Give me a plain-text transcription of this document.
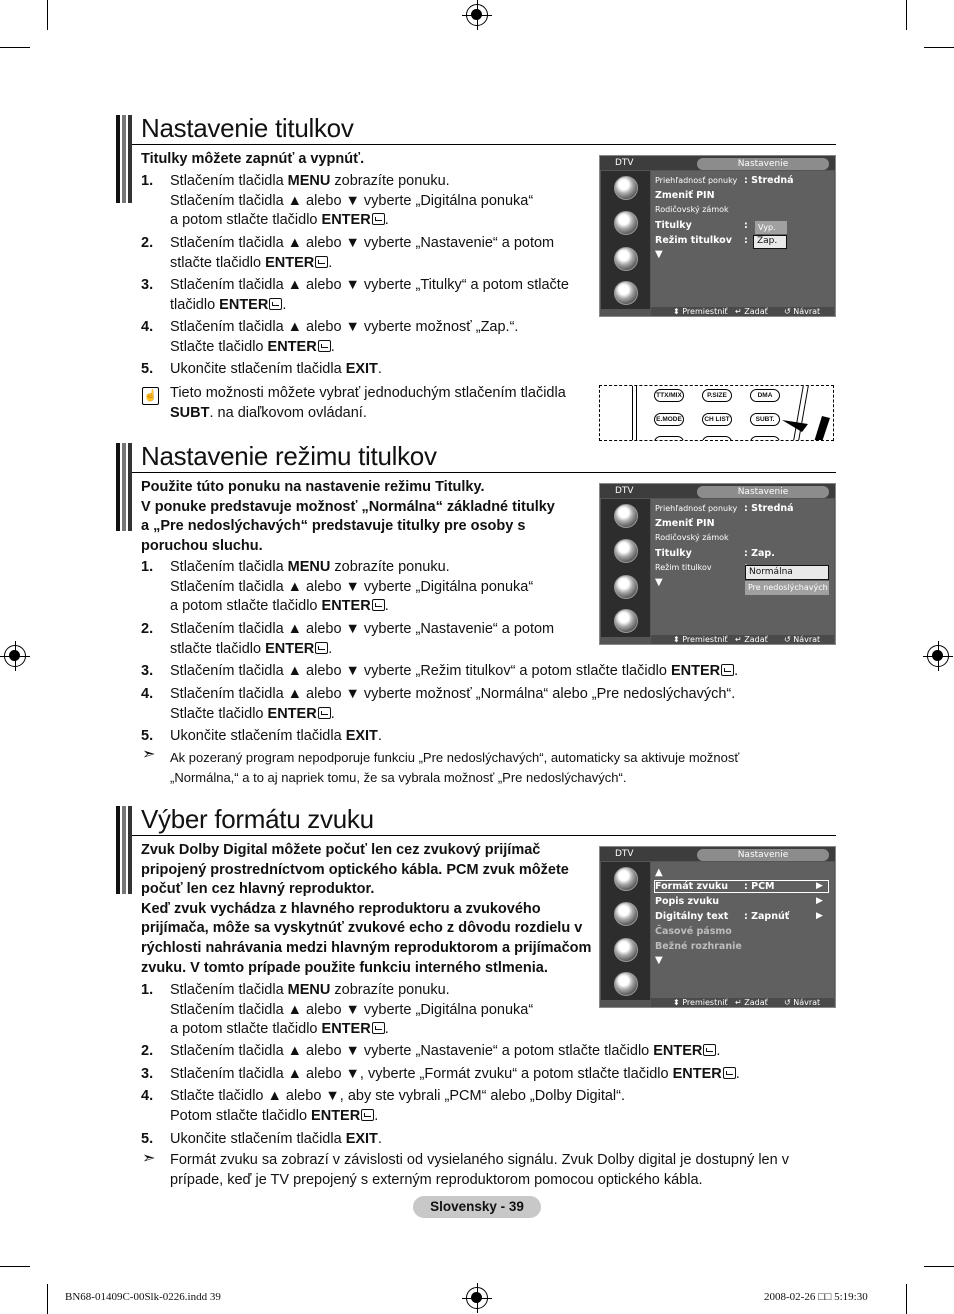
Nastavenie titulkov
Titulky môžete zapnúť a vypnúť.
1. Stlačením tlačidla MENU zobrazíte ponuku.
Stlačením tlačidla ▲ alebo ▼ vyberte „Digitálna ponuka“
a potom stlačte tlačidlo ENTER .
2. Stlačením tlačidla ▲ alebo ▼ vyberte „Nastavenie“ a potom
stlačte tlačidlo ENTER .
3. Stlačením tlačidla ▲ alebo ▼ vyberte „Titulky“ a potom stlačte
tlačidlo ENTER .
4. Stlačením tlačidla ▲ alebo ▼ vyberte možnosť „Zap.“.
Stlačte tlačidlo ENTER .
5. Ukončite stlačením tlačidla EXIT.
☝ Tieto možnosti môžete vybrať jednoduchým stlačením tlačidla
SUBT. na diaľkovom ovládaní.
DTV	Nastavenie
Priehľadnosť ponuky : Stredná
Zmeniť PIN
Rodičovský zámok
Titulky	:
Režim titulkov :
Vyp.
Zap.
▼
⬍ Premiestniť ↵ Zadať ↺ Návrat
TTX/MIX	P.SIZE	DMA
E.MODE	CH LIST	SUBT.
Nastavenie režimu titulkov
Použite túto ponuku na nastavenie režimu Titulky.
V ponuke predstavuje možnosť „Normálna“ základné titulky
a „Pre nedoslýchavých“ predstavuje titulky pre osoby s
poruchou sluchu.
1. Stlačením tlačidla MENU zobrazíte ponuku.
Stlačením tlačidla ▲ alebo ▼ vyberte „Digitálna ponuka“
a potom stlačte tlačidlo ENTER .
2. Stlačením tlačidla ▲ alebo ▼ vyberte „Nastavenie“ a potom
stlačte tlačidlo ENTER .
3. Stlačením tlačidla ▲ alebo ▼ vyberte „Režim titulkov“ a potom stlačte tlačidlo ENTER .
4. Stlačením tlačidla ▲ alebo ▼ vyberte možnosť „Normálna“ alebo „Pre nedoslýchavých“.
Stlačte tlačidlo ENTER .
5. Ukončite stlačením tlačidla EXIT.
➣ Ak pozeraný program nepodporuje funkciu „Pre nedoslýchavých“, automaticky sa aktivuje možnosť
„Normálna,“ a to aj napriek tomu, že sa vybrala možnosť „Pre nedoslýchavých“.
DTV	Nastavenie
Priehľadnosť ponuky : Stredná
Zmeniť PIN
Rodičovský zámok
Titulky	: Zap.
Režim titulkov	Normálna
Pre nedoslýchavých
▼
⬍ Premiestniť ↵ Zadať ↺ Návrat
Výber formátu zvuku
Zvuk Dolby Digital môžete počuť len cez zvukový prijímač
pripojený prostredníctvom optického kábla. PCM zvuk môžete
počuť len cez hlavný reproduktor.
Keď zvuk vychádza z hlavného reproduktoru a zvukového
prijímača, môže sa vyskytnúť zvukové echo z dôvodu rozdielu v
rýchlosti nahrávania medzi hlavným reproduktorom a prijímačom
zvuku. V tomto prípade použite funkciu interného stlmenia.
1. Stlačením tlačidla MENU zobrazíte ponuku.
Stlačením tlačidla ▲ alebo ▼ vyberte „Digitálna ponuka“
a potom stlačte tlačidlo ENTER .
2. Stlačením tlačidla ▲ alebo ▼ vyberte „Nastavenie“ a potom stlačte tlačidlo ENTER .
3. Stlačením tlačidla ▲ alebo ▼, vyberte „Formát zvuku“ a potom stlačte tlačidlo ENTER .
4. Stlačte tlačidlo ▲ alebo ▼, aby ste vybrali „PCM“ alebo „Dolby Digital“.
Potom stlačte tlačidlo ENTER .
5. Ukončite stlačením tlačidla EXIT.
➣ Formát zvuku sa zobrazí v závislosti od vysielaného signálu. Zvuk Dolby digital je dostupný len v
prípade, keď je TV prepojený s externým reproduktorom pomocou optického kábla.
DTV	Nastavenie
▲
Formát zvuku : PCM	▶
Popis zvuku	▶
Digitálny text : Zapnúť	▶
Časové pásmo
Bežné rozhranie
▼
⬍ Premiestniť ↵ Zadať ↺ Návrat
Slovensky - 39
BN68-01409C-00Slk-0226.indd 39	2008-02-26 □□ 5:19:30
